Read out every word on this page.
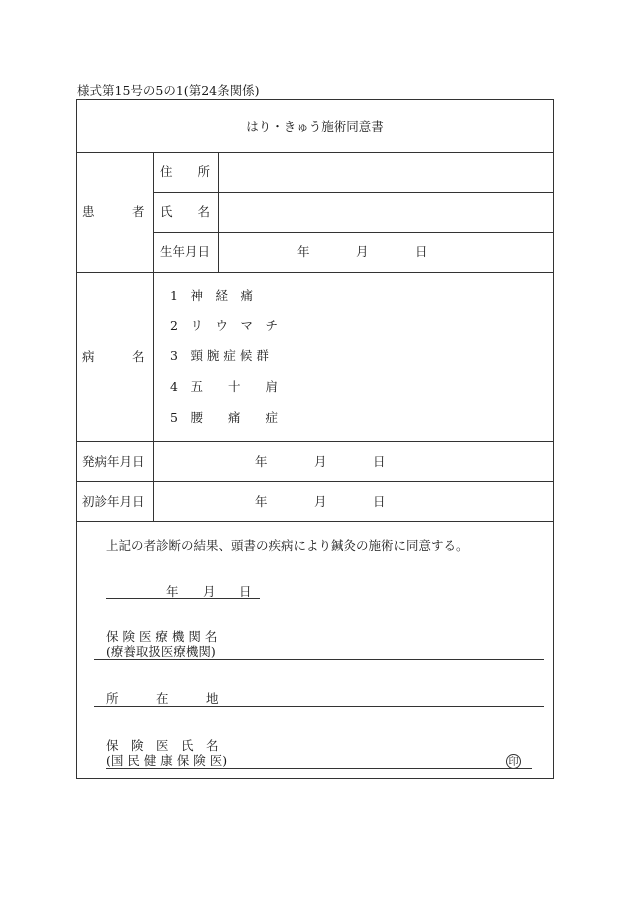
様式第15号の5の1(第24条関係)
はり・きゅう施術同意書
患　　　者
住　　所
氏　　名
生年月日	年	月	日
病　　　名
1　神　経　痛
2　リ　ウ　マ　チ
3　頸 腕 症 候 群
4　五　　十　　肩
5　腰　　痛　　症
発病年月日	年	月	日
初診年月日	年	月	日
上記の者診断の結果、頭書の疾病により鍼灸の施術に同意する。
年 月 日
保 険 医 療 機 関 名
(療養取扱医療機関)
所　　　在　　　地
保　険　医　氏　名
(国 民 健 康 保 険 医)	印
